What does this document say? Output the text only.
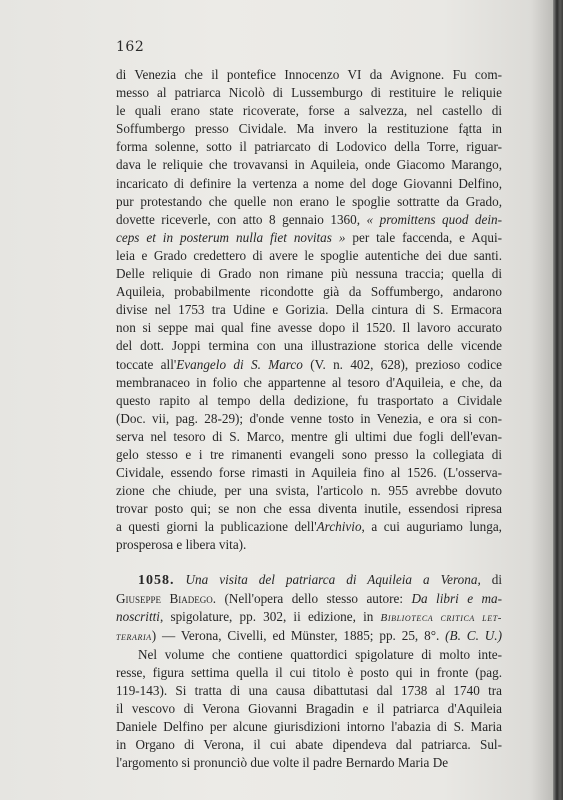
162
di Venezia che il pontefice Innocenzo VI da Avignone. Fu com-
messo al patriarca Nicolò di Lussemburgo di restituire le reliquie
le quali erano state ricoverate, forse a salvezza, nel castello di
Soffumbergo presso Cividale. Ma invero la restituzione fątta in
forma solenne, sotto il patriarcato di Lodovico della Torre, riguar-
dava le reliquie che trovavansi in Aquileia, onde Giacomo Marango,
incaricato di definire la vertenza a nome del doge Giovanni Delfino,
pur protestando che quelle non erano le spoglie sottratte da Grado,
dovette riceverle, con atto 8 gennaio 1360, « promittens quod dein-
ceps et in posterum nulla fiet novitas » per tale faccenda, e Aqui-
leia e Grado credettero di avere le spoglie autentiche dei due santi.
Delle reliquie di Grado non rimane più nessuna traccia; quella di
Aquileia, probabilmente ricondotte già da Soffumbergo, andarono
divise nel 1753 tra Udine e Gorizia. Della cintura di S. Ermacora
non si seppe mai qual fine avesse dopo il 1520. Il lavoro accurato
del dott. Joppi termina con una illustrazione storica delle vicende
toccate all'Evangelo di S. Marco (V. n. 402, 628), prezioso codice
membranaceo in folio che appartenne al tesoro d'Aquileia, e che, da
questo rapito al tempo della dedizione, fu trasportato a Cividale
(Doc. vii, pag. 28-29); d'onde venne tosto in Venezia, e ora si con-
serva nel tesoro di S. Marco, mentre gli ultimi due fogli dell'evan-
gelo stesso e i tre rimanenti evangeli sono presso la collegiata di
Cividale, essendo forse rimasti in Aquileia fino al 1526. (L'osserva-
zione che chiude, per una svista, l'articolo n. 955 avrebbe dovuto
trovar posto qui; se non che essa diventa inutile, essendosi ripresa
a questi giorni la publicazione dell'Archivio, a cui auguriamo lunga,
prosperosa e libera vita).
1058. Una visita del patriarca di Aquileia a Verona, di
Giuseppe Biadego. (Nell'opera dello stesso autore: Da libri e ma-
noscritti, spigolature, pp. 302, ii edizione, in Biblioteca critica let-
teraria) — Verona, Civelli, ed Münster, 1885; pp. 25, 8°. (B. C. U.)
Nel volume che contiene quattordici spigolature di molto inte-
resse, figura settima quella il cui titolo è posto qui in fronte (pag.
119-143). Si tratta di una causa dibattutasi dal 1738 al 1740 tra
il vescovo di Verona Giovanni Bragadin e il patriarca d'Aquileia
Daniele Delfino per alcune giurisdizioni intorno l'abazia di S. Maria
in Organo di Verona, il cui abate dipendeva dal patriarca. Sul-
l'argomento si pronunciò due volte il padre Bernardo Maria De
